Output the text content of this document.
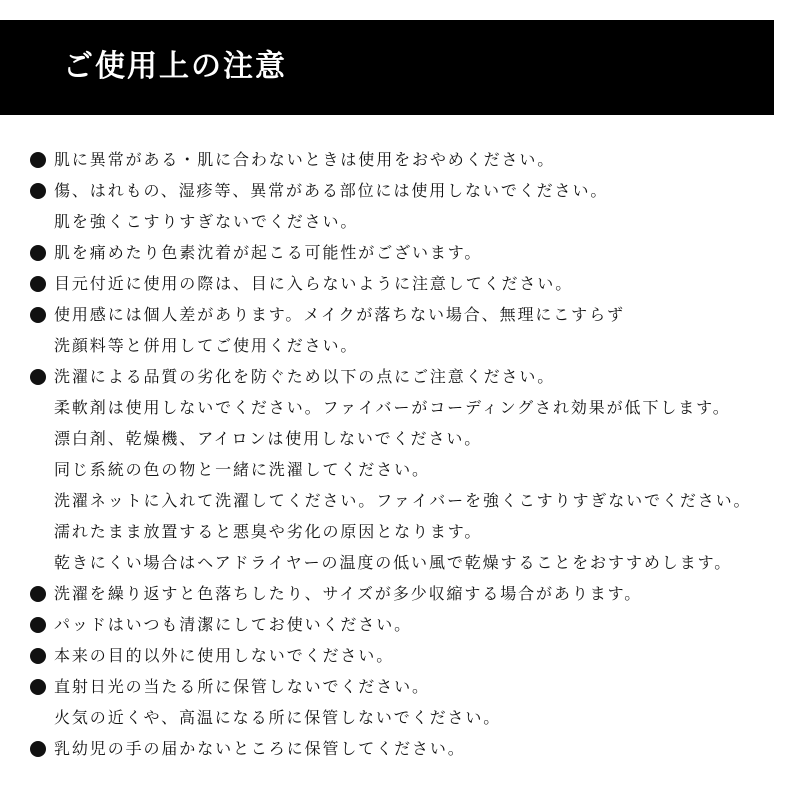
ご使用上の注意
肌に異常がある・肌に合わないときは使用をおやめください。
傷、はれもの、湿疹等、異常がある部位には使用しないでください。
肌を強くこすりすぎないでください。
肌を痛めたり色素沈着が起こる可能性がございます。
目元付近に使用の際は、目に入らないように注意してください。
使用感には個人差があります。メイクが落ちない場合、無理にこすらず
洗顔料等と併用してご使用ください。
洗濯による品質の劣化を防ぐため以下の点にご注意ください。
柔軟剤は使用しないでください。ファイバーがコーディングされ効果が低下します。
漂白剤、乾燥機、アイロンは使用しないでください。
同じ系統の色の物と一緒に洗濯してください。
洗濯ネットに入れて洗濯してください。ファイバーを強くこすりすぎないでください。
濡れたまま放置すると悪臭や劣化の原因となります。
乾きにくい場合はヘアドライヤーの温度の低い風で乾燥することをおすすめします。
洗濯を繰り返すと色落ちしたり、サイズが多少収縮する場合があります。
パッドはいつも清潔にしてお使いください。
本来の目的以外に使用しないでください。
直射日光の当たる所に保管しないでください。
火気の近くや、高温になる所に保管しないでください。
乳幼児の手の届かないところに保管してください。
